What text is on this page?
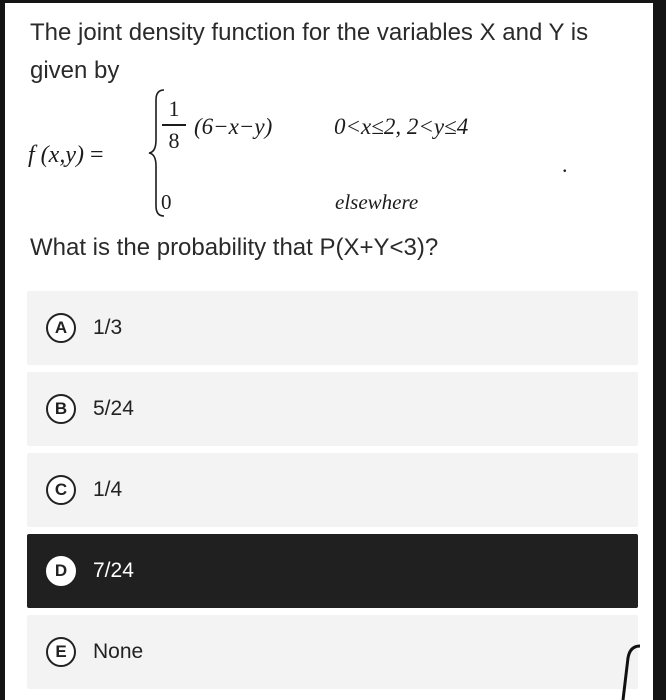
The joint density function for the variables X and Y is given by
f (x,y) =
1
8
(6−x−y)	0<x≤2, 2<y≤4
.
0	elsewhere
What is the probability that P(X+Y<3)?
A	1/3
B	5/24
C	1/4
D	7/24
E	None
